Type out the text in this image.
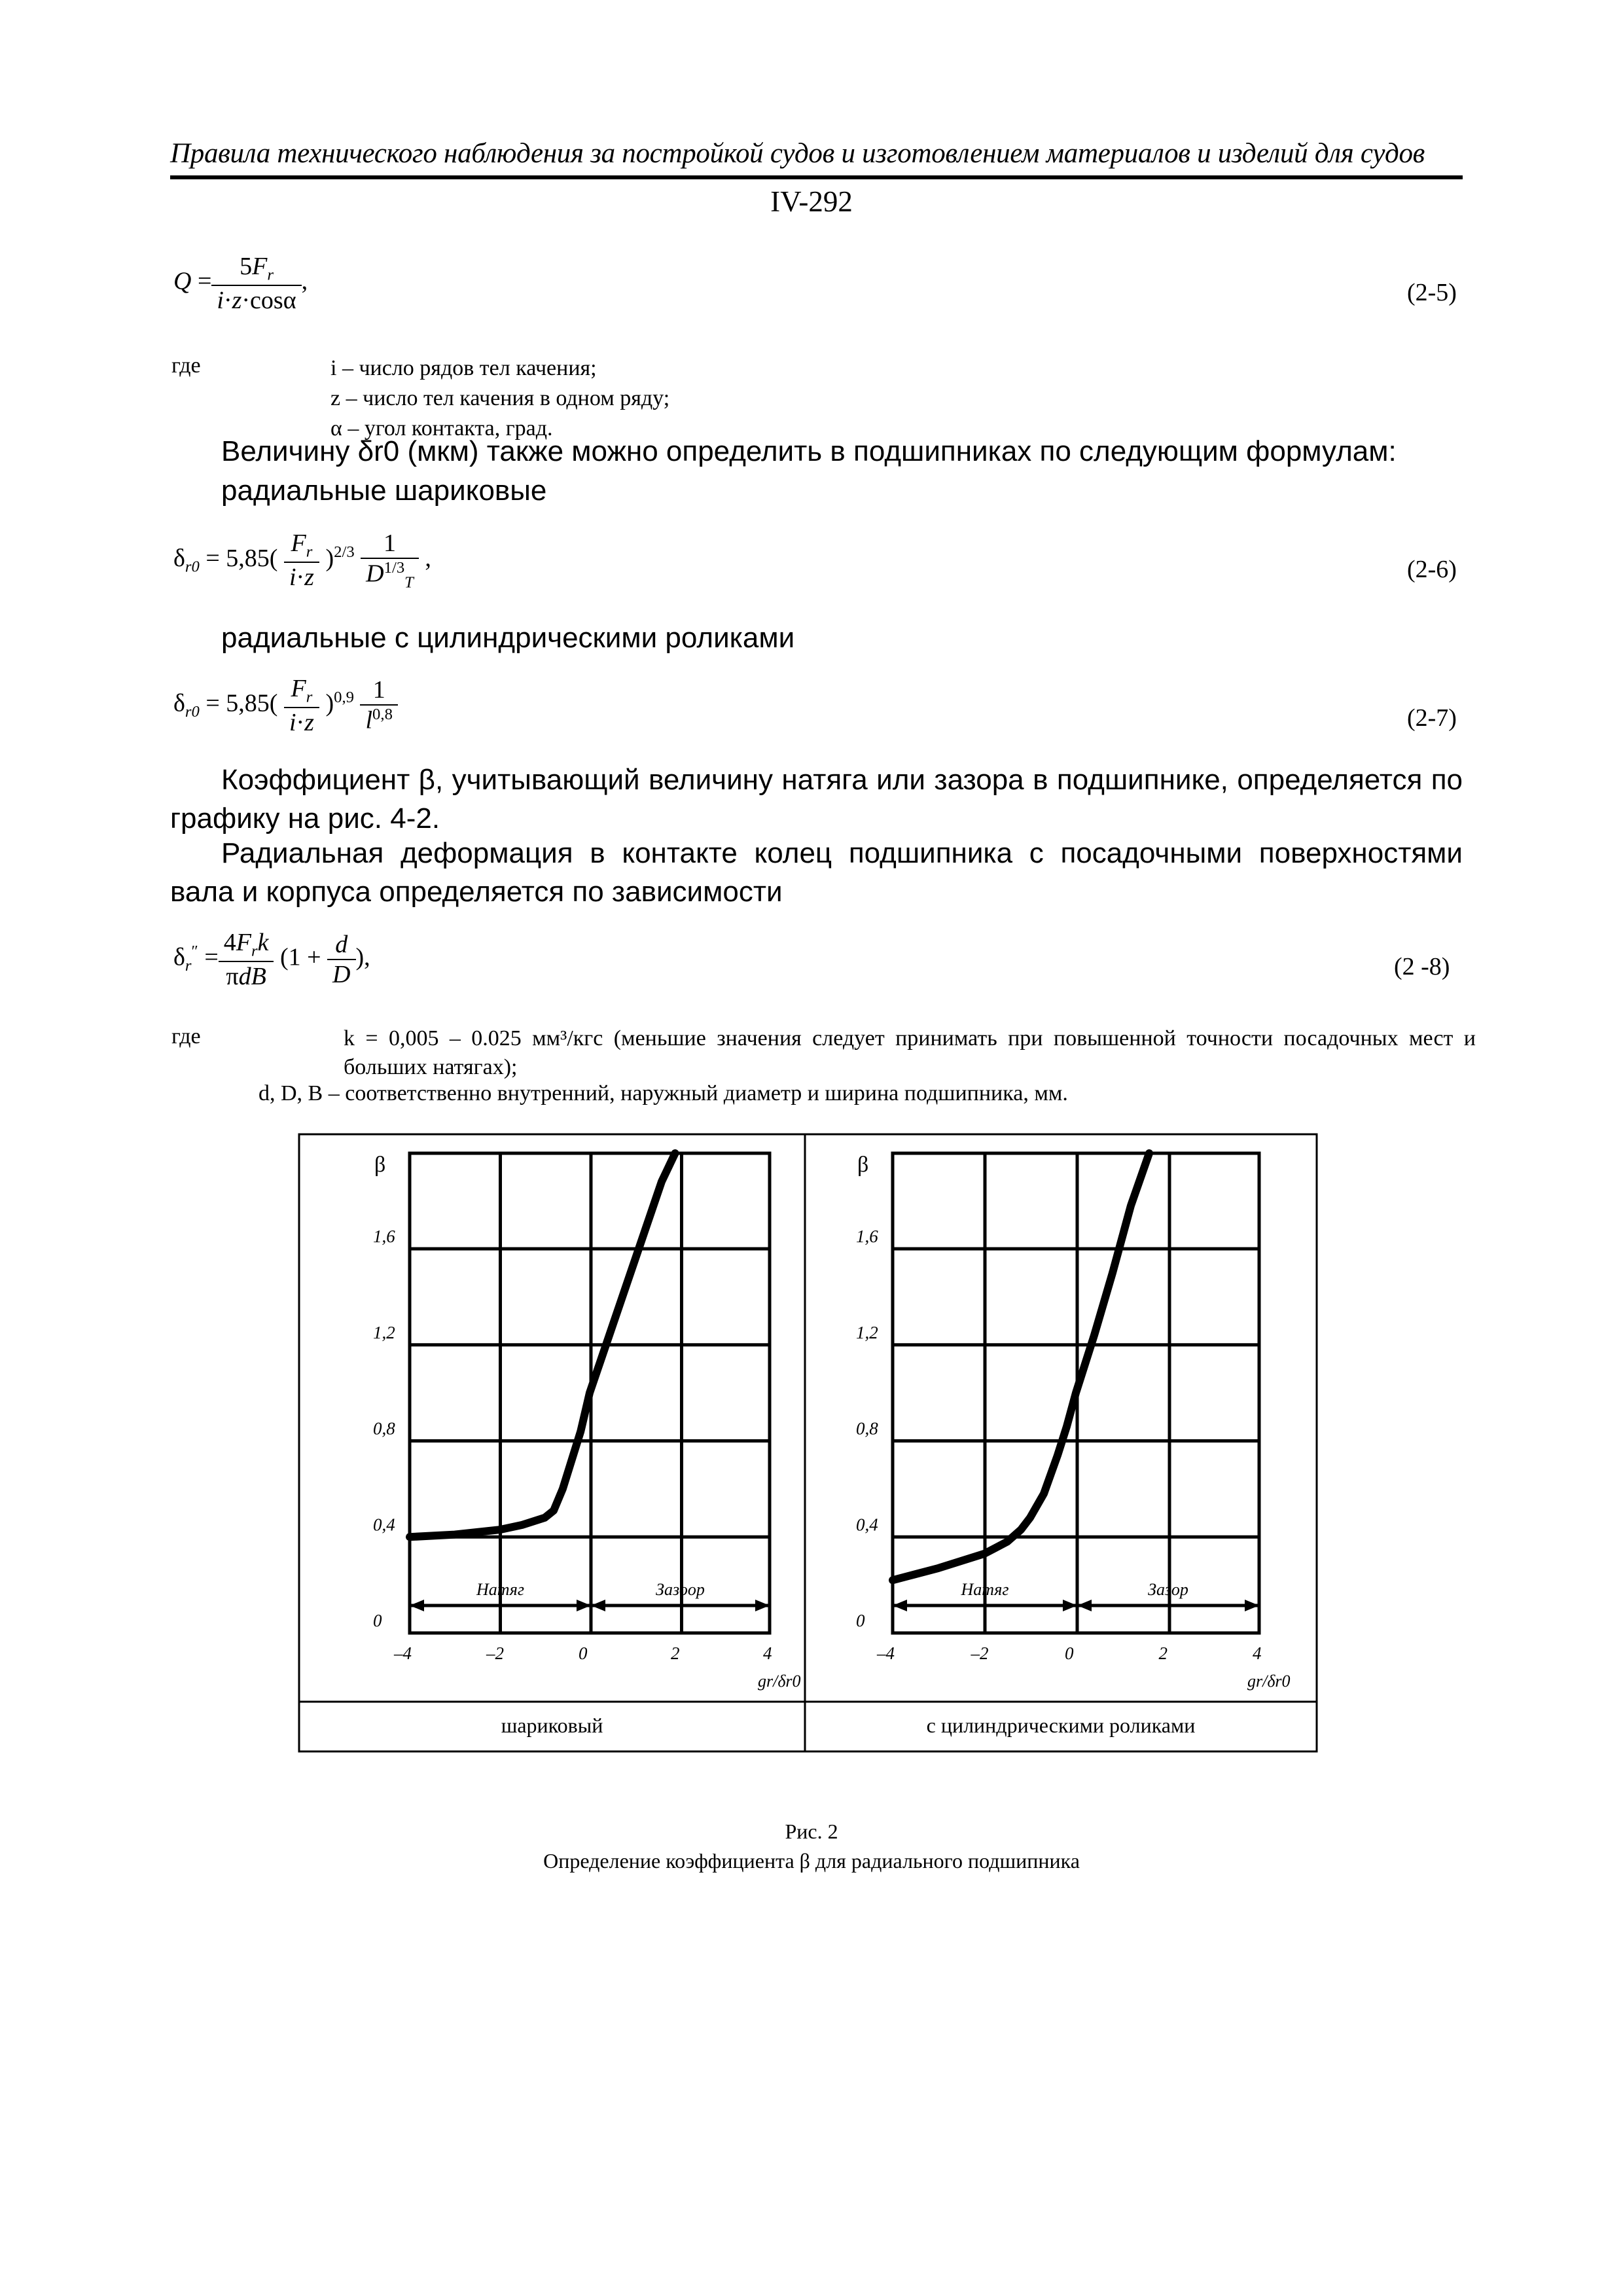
Правила технического наблюдения за постройкой судов и изготовлением материалов и изделий для судов
IV-292
$Q = \frac{5F_r}{i\cdot z\cdot\cos\alpha}$ ,	(2-5)
где	i – число рядов тел качения;
z – число тел качения в одном ряду;
α – угол контакта, град.
Величину δr0 (мкм) также можно определить в подшипниках по следующим формулам:
радиальные шариковые
$\delta_{r0} = 5,85( \frac{F_r}{i\cdot z} )^{2/3} \frac{1}{D^{1/3}_T}$ ,	(2-6)
радиальные с цилиндрическими роликами
$\delta_{r0} = 5,85( \frac{F_r}{i\cdot z} )^{0,9} \frac{1}{l^{0,8}}$	(2-7)
Коэффициент β, учитывающий величину натяга или зазора в подшипнике, определяется по графику на рис. 4-2.
Радиальная деформация в контакте колец подшипника с посадочными поверхностями вала и корпуса определяется по зависимости
$\delta_r'' = \frac{4F_rk}{\text{πdB}} (1 + \frac{d}{D}$ ),	(2 -8)
где	k = 0,005 – 0.025 мм³/кгс (меньшие значения следует принимать при повышенной точности посадочных мест и больших натягах);
d, D, B – соответственно внутренний, наружный диаметр и ширина подшипника, мм.
0
0,4
0,8
1,2
1,6
β
–4	–2	0	2	4
gr/δr0
Натяг	Зазоор
0
0,4
0,8
1,2
1,6
β
–4	–2	0	2	4
gr/δr0
Натяг	Зазор
шариковый	с цилиндрическими роликами
Рис. 2
Определение коэффициента β для радиального подшипника
